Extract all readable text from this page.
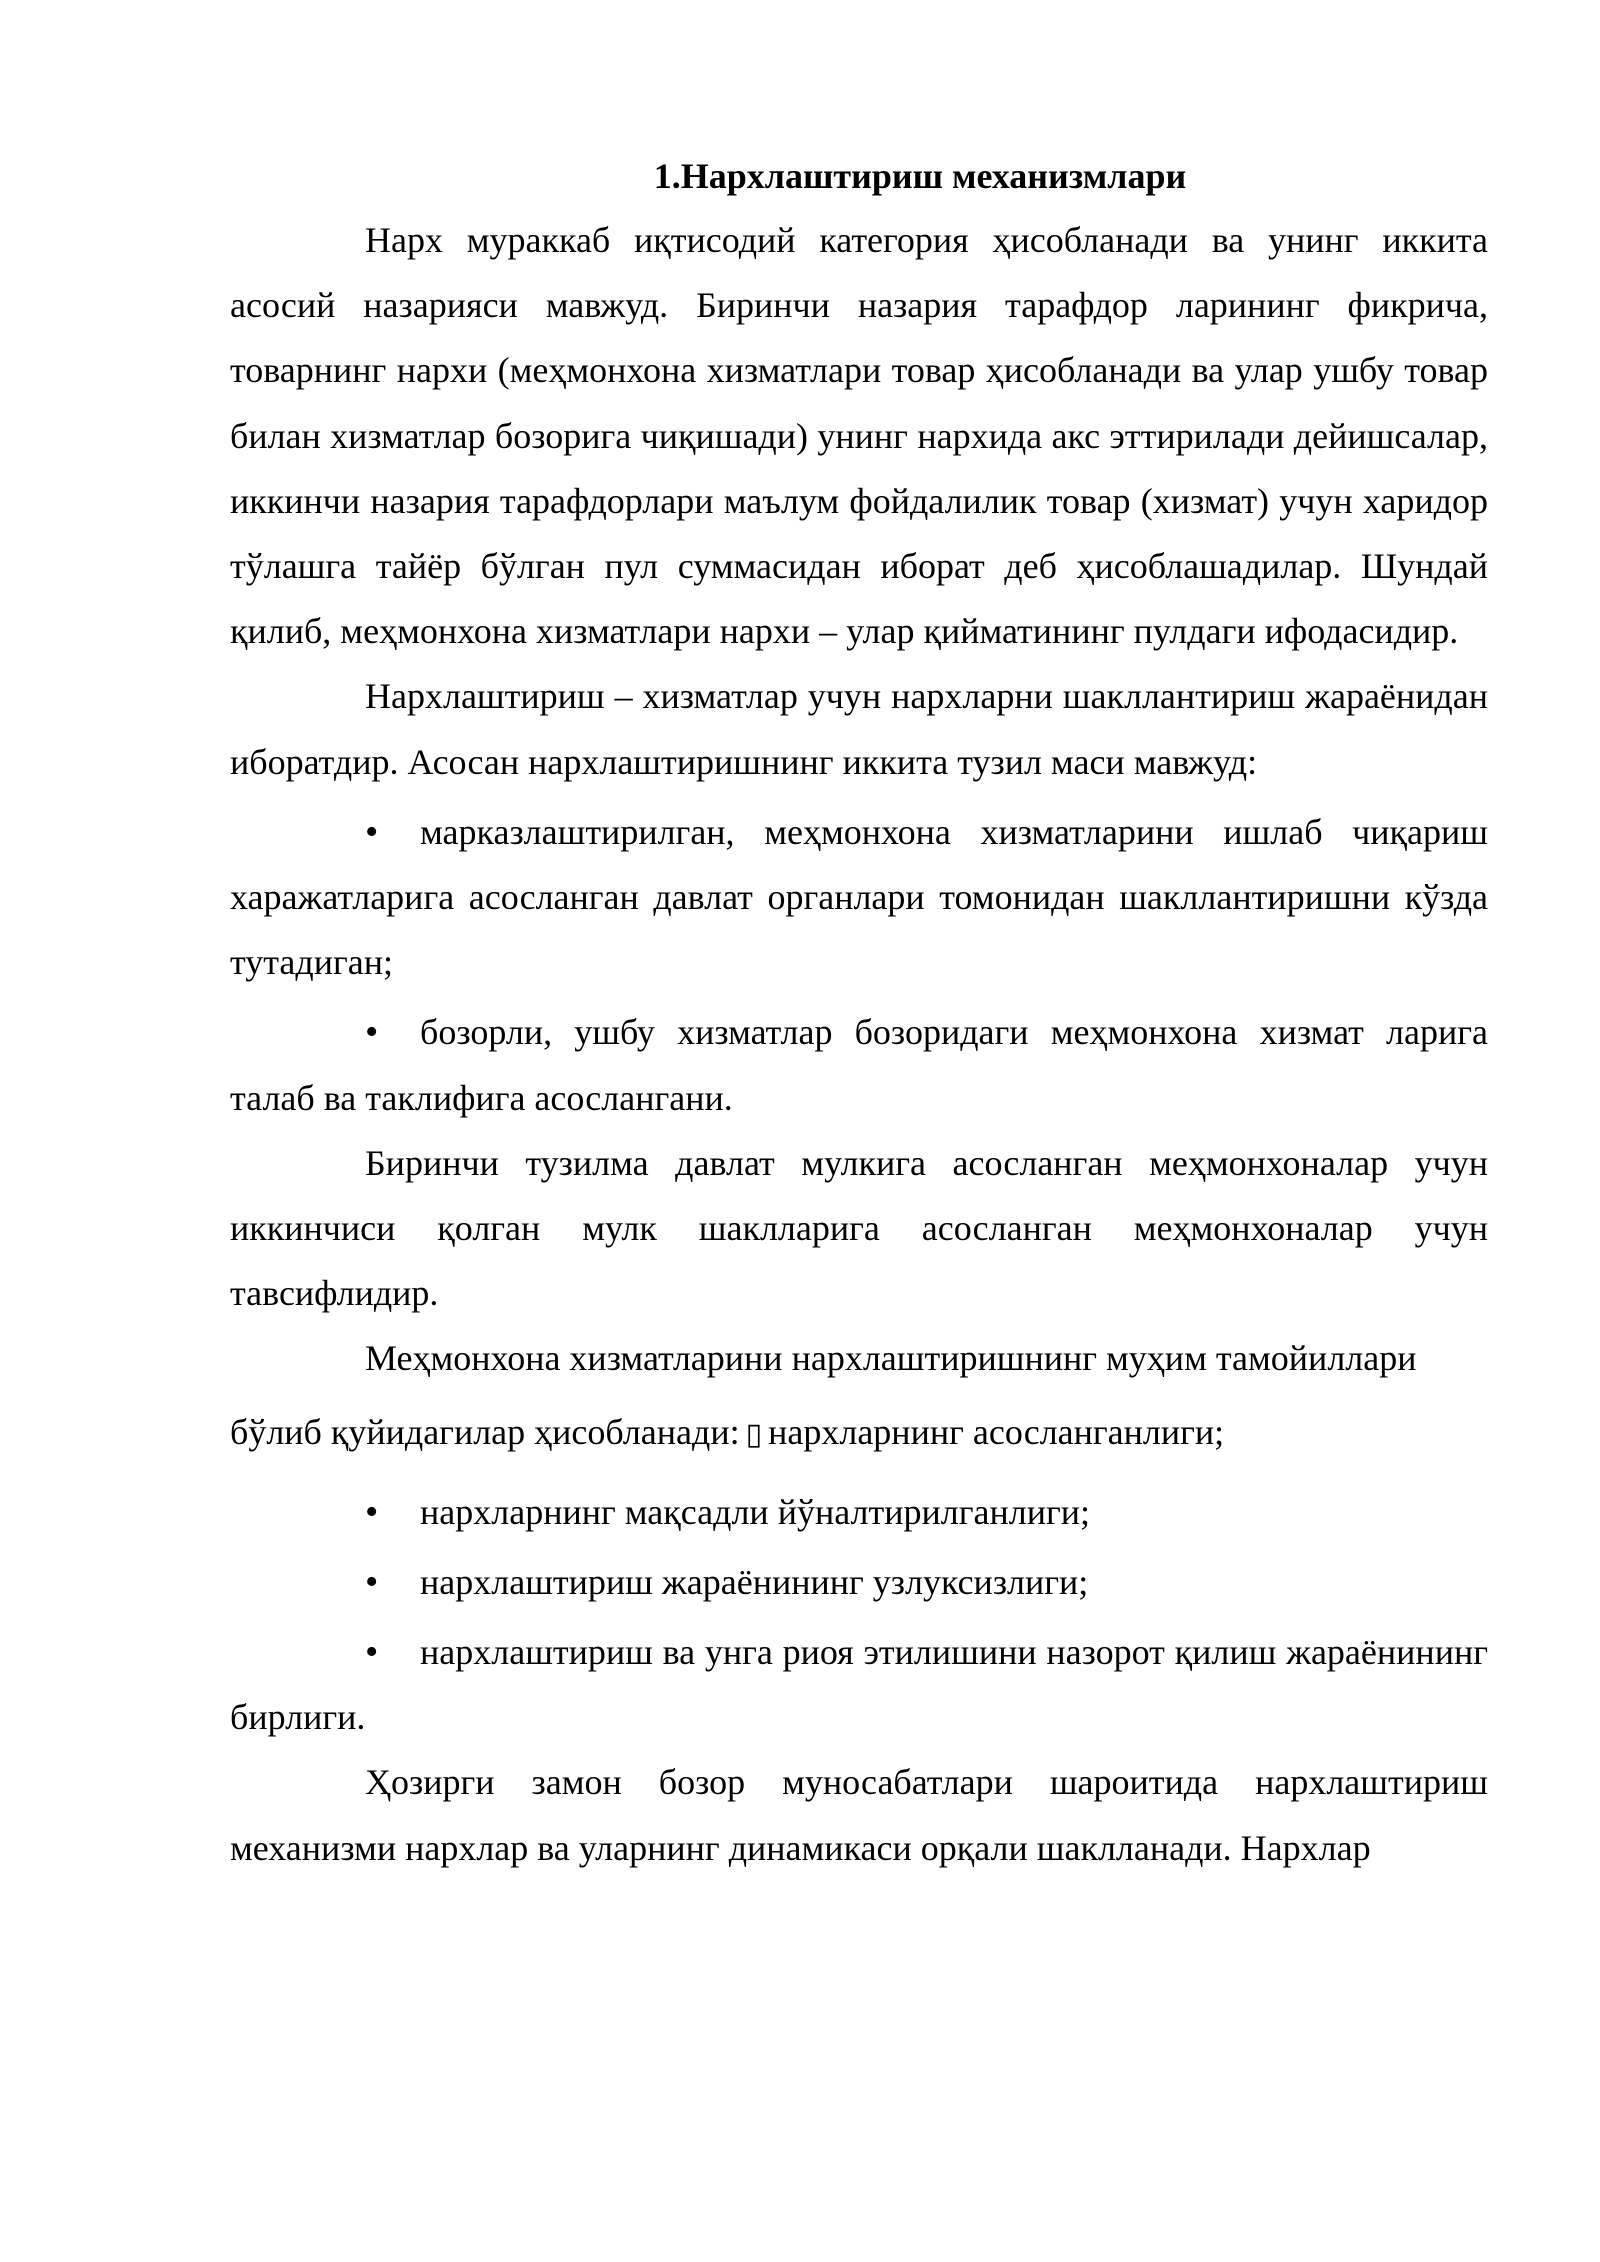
1.Нархлаштириш механизмлари

Нарх мураккаб иқтисодий категория ҳисобланади ва унинг иккита асосий назарияси мавжуд. Биринчи назария тарафдор ларининг фикрича, товарнинг нархи (меҳмонхона хизматлари товар ҳисобланади ва улар ушбу товар билан хизматлар бозорига чиқишади) унинг нархида акс эттирилади дейишсалар, иккинчи назария тарафдорлари маълум фойдалилик товар (хизмат) учун харидор тўлашга тайёр бўлган пул суммасидан иборат деб ҳисоблашадилар. Шундай қилиб, меҳмонхона хизматлари нархи – улар қийматининг пулдаги ифодасидир.

Нархлаштириш – хизматлар учун нархларни шакллантириш жараёнидан иборатдир. Асосан нархлаштиришнинг иккита тузил маси мавжуд:

• марказлаштирилган, меҳмонхона хизматларини ишлаб чиқариш харажатларига асосланган давлат органлари томонидан шакллантиришни кўзда тутадиган;

• бозорли, ушбу хизматлар бозоридаги меҳмонхона хизмат ларига талаб ва таклифига асослангани.

Биринчи тузилма давлат мулкига асосланган меҳмонхоналар учун иккинчиси қолган мулк шаклларига асосланган меҳмонхоналар учун тавсифлидир.

Меҳмонхона хизматларини нархлаштиришнинг муҳим тамойиллари

бўлиб қуйидагилар ҳисобланади: ▯ нархларнинг асосланганлиги;

• нархларнинг мақсадли йўналтирилганлиги;

• нархлаштириш жараёнининг узлуксизлиги;

• нархлаштириш ва унга риоя этилишини назорот қилиш жараёнининг бирлиги.

Ҳозирги замон бозор муносабатлари шароитида нархлаштириш механизми нархлар ва уларнинг динамикаси орқали шаклланади. Нархлар
